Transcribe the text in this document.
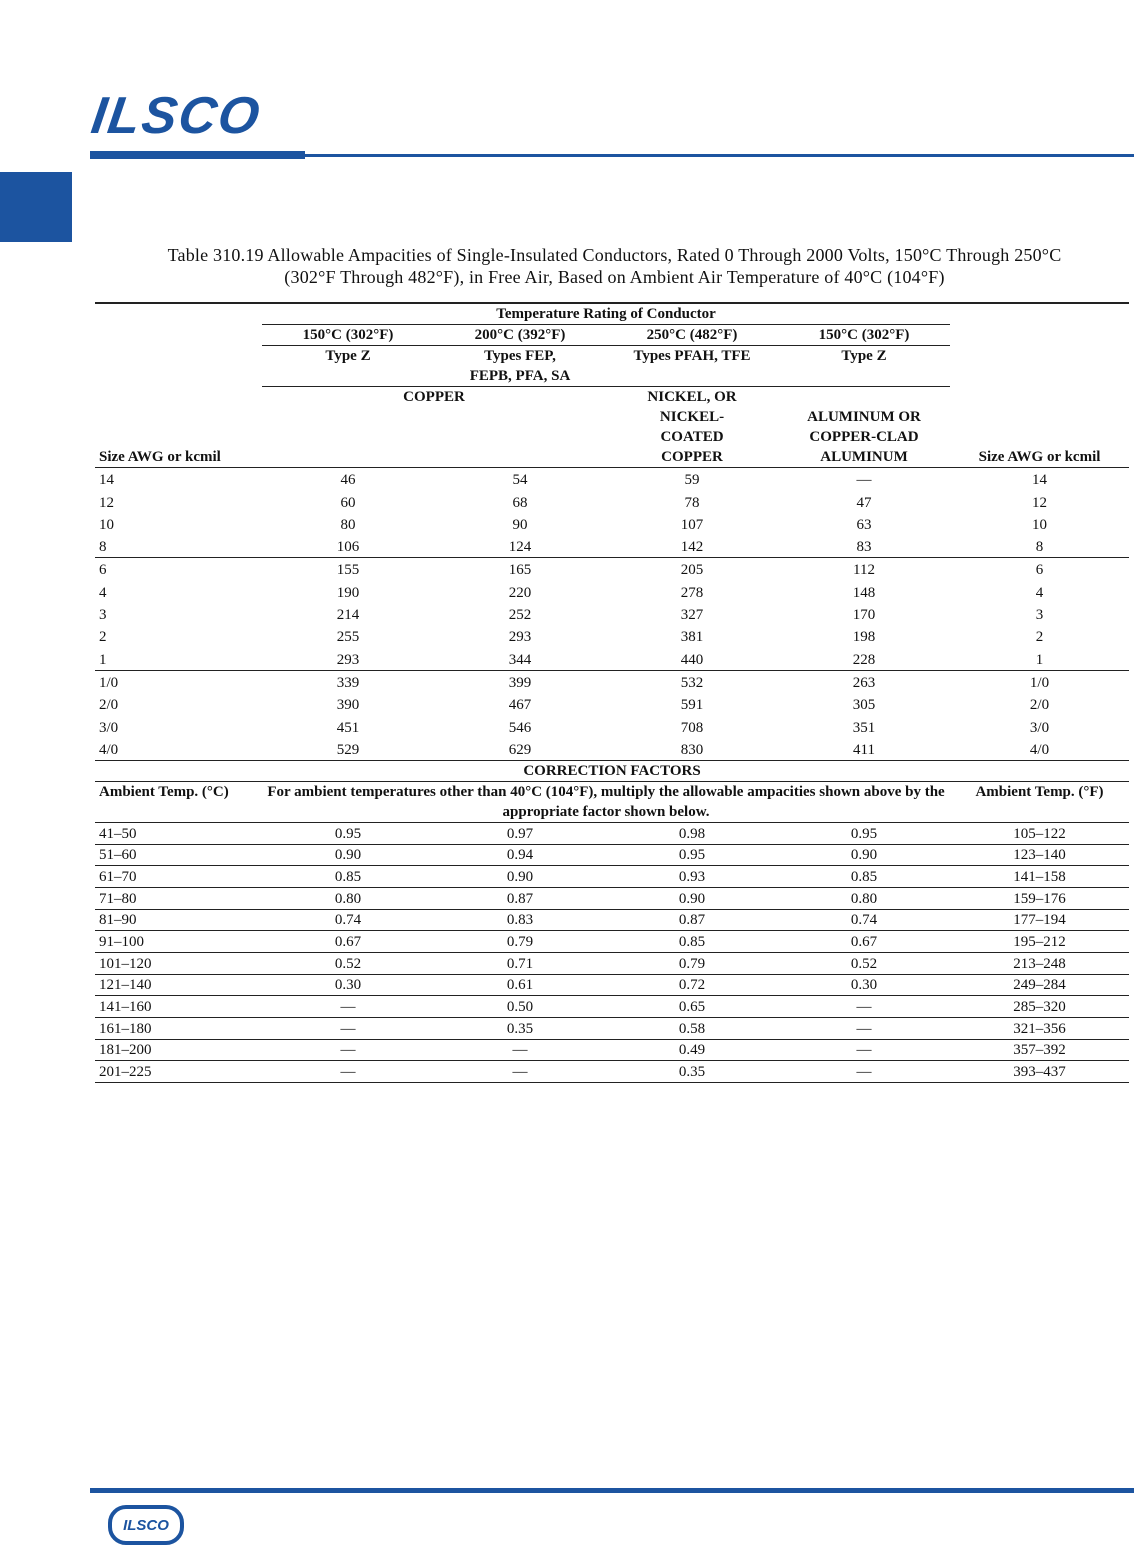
ILSCO
Table 310.19 Allowable Ampacities of Single-Insulated Conductors, Rated 0 Through 2000 Volts, 150°C Through 250°C
(302°F Through 482°F), in Free Air, Based on Ambient Air Temperature of 40°C (104°F)
	Temperature Rating of Conductor				
	150°C (302°F)	200°C (392°F)	250°C (482°F)	150°C (302°F)	
	Type Z	Types FEP, FEPB, PFA, SA	Types PFAH, TFE	Type Z	
Size AWG or kcmil	COPPER		NICKEL, OR NICKEL-COATED COPPER	ALUMINUM OR COPPER-CLAD ALUMINUM	Size AWG or kcmil
14	46	54	59	—	14
12	60	68	78	47	12
10	80	90	107	63	10
8	106	124	142	83	8
6	155	165	205	112	6
4	190	220	278	148	4
3	214	252	327	170	3
2	255	293	381	198	2
1	293	344	440	228	1
1/0	339	399	532	263	1/0
2/0	390	467	591	305	2/0
3/0	451	546	708	351	3/0
4/0	529	629	830	411	4/0
CORRECTION FACTORS					
Ambient Temp. (°C)	For ambient temperatures other than 40°C (104°F), multiply the allowable ampacities shown above by the appropriate factor shown below.				Ambient Temp. (°F)
41–50	0.95	0.97	0.98	0.95	105–122
51–60	0.90	0.94	0.95	0.90	123–140
61–70	0.85	0.90	0.93	0.85	141–158
71–80	0.80	0.87	0.90	0.80	159–176
81–90	0.74	0.83	0.87	0.74	177–194
91–100	0.67	0.79	0.85	0.67	195–212
101–120	0.52	0.71	0.79	0.52	213–248
121–140	0.30	0.61	0.72	0.30	249–284
141–160	—	0.50	0.65	—	285–320
161–180	—	0.35	0.58	—	321–356
181–200	—	—	0.49	—	357–392
201–225	—	—	0.35	—	393–437
ILSCO
